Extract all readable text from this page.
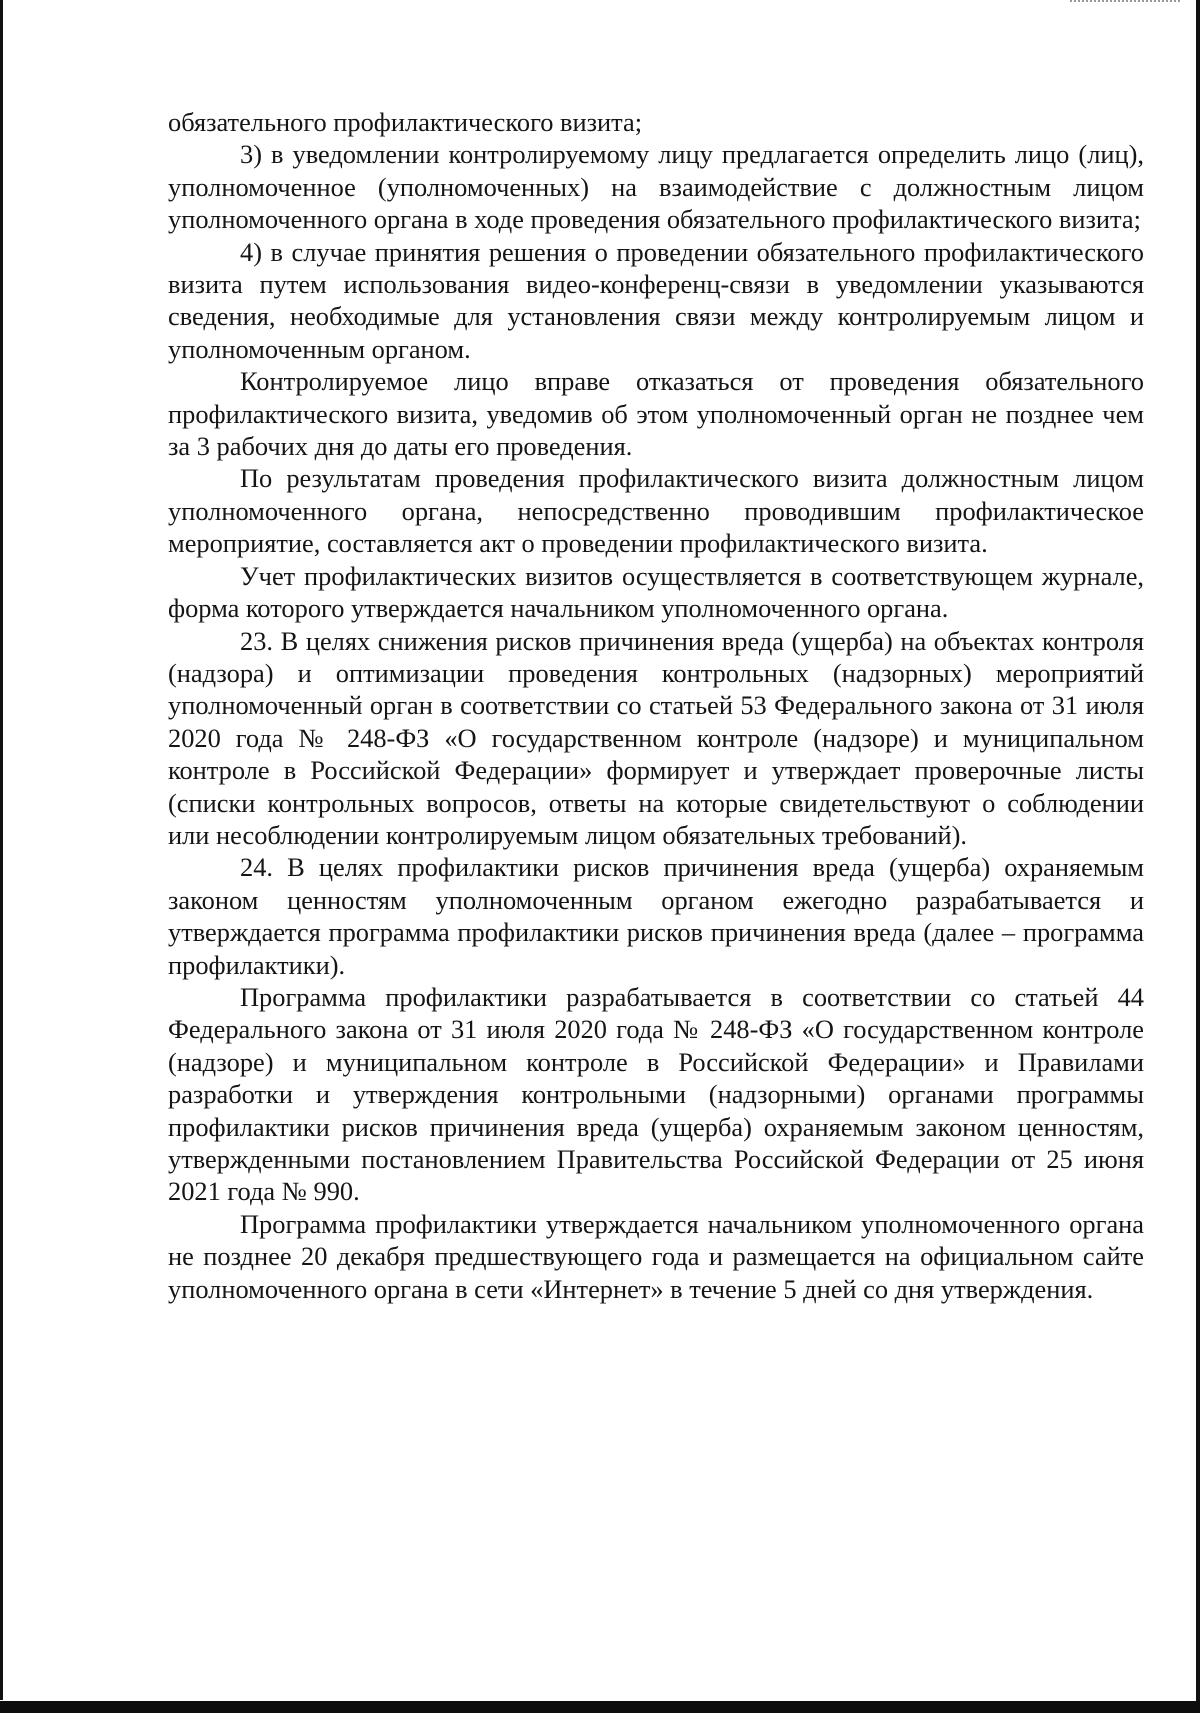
обязательного профилактического визита;

3) в уведомлении контролируемому лицу предлагается определить лицо (лиц), уполномоченное (уполномоченных) на взаимодействие с должностным лицом уполномоченного органа в ходе проведения обязательного профилактического визита;

4) в случае принятия решения о проведении обязательного профилактического визита путем использования видео-конференц-связи в уведомлении указываются сведения, необходимые для установления связи между контролируемым лицом и уполномоченным органом.

Контролируемое лицо вправе отказаться от проведения обязательного профилактического визита, уведомив об этом уполномоченный орган не позднее чем за 3 рабочих дня до даты его проведения.

По результатам проведения профилактического визита должностным лицом уполномоченного органа, непосредственно проводившим профилактическое мероприятие, составляется акт о проведении профилактического визита.

Учет профилактических визитов осуществляется в соответствующем журнале, форма которого утверждается начальником уполномоченного органа.

23. В целях снижения рисков причинения вреда (ущерба) на объектах контроля (надзора) и оптимизации проведения контрольных (надзорных) мероприятий уполномоченный орган в соответствии со статьей 53 Федерального закона от 31 июля 2020 года № 248-ФЗ «О государственном контроле (надзоре) и муниципальном контроле в Российской Федерации» формирует и утверждает проверочные листы (списки контрольных вопросов, ответы на которые свидетельствуют о соблюдении или несоблюдении контролируемым лицом обязательных требований).

24. В целях профилактики рисков причинения вреда (ущерба) охраняемым законом ценностям уполномоченным органом ежегодно разрабатывается и утверждается программа профилактики рисков причинения вреда (далее – программа профилактики).

Программа профилактики разрабатывается в соответствии со статьей 44 Федерального закона от 31 июля 2020 года № 248-ФЗ «О государственном контроле (надзоре) и муниципальном контроле в Российской Федерации» и Правилами разработки и утверждения контрольными (надзорными) органами программы профилактики рисков причинения вреда (ущерба) охраняемым законом ценностям, утвержденными постановлением Правительства Российской Федерации от 25 июня 2021 года № 990.

Программа профилактики утверждается начальником уполномоченного органа не позднее 20 декабря предшествующего года и размещается на официальном сайте уполномоченного органа в сети «Интернет» в течение 5 дней со дня утверждения.
